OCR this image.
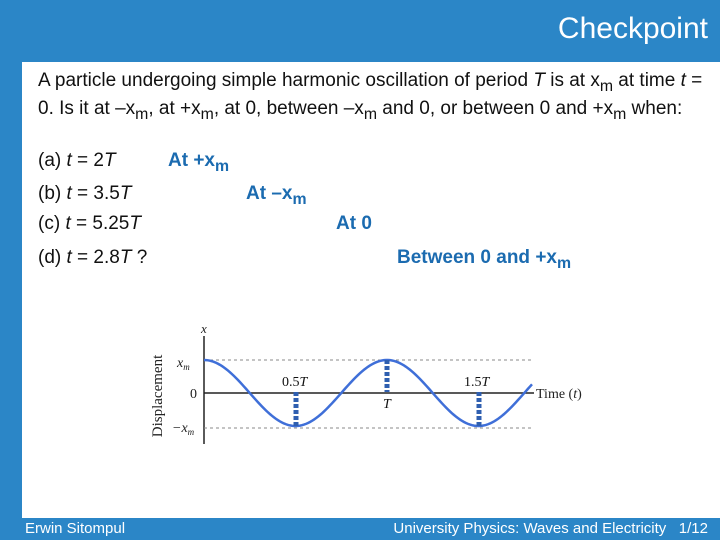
Checkpoint
A particle undergoing simple harmonic oscillation of period T is at $x_m$ at time t = 0. Is it at $-x_m$, at $+x_m$, at 0, between $-x_m$ and 0, or between 0 and $+x_m$ when:
(a) t = 2T
(b) t = 3.5T
(c) t = 5.25T
(d) t = 2.8T ?
$At +x_m$
At $-x_m$
At 0
Between 0 and $+x_m$
Displacement
x
$x_m$
0
$-x_m$
Time (t)
0.5T
T
1.5T
Erwin Sitompul	University Physics: Waves and Electricity 1/12
